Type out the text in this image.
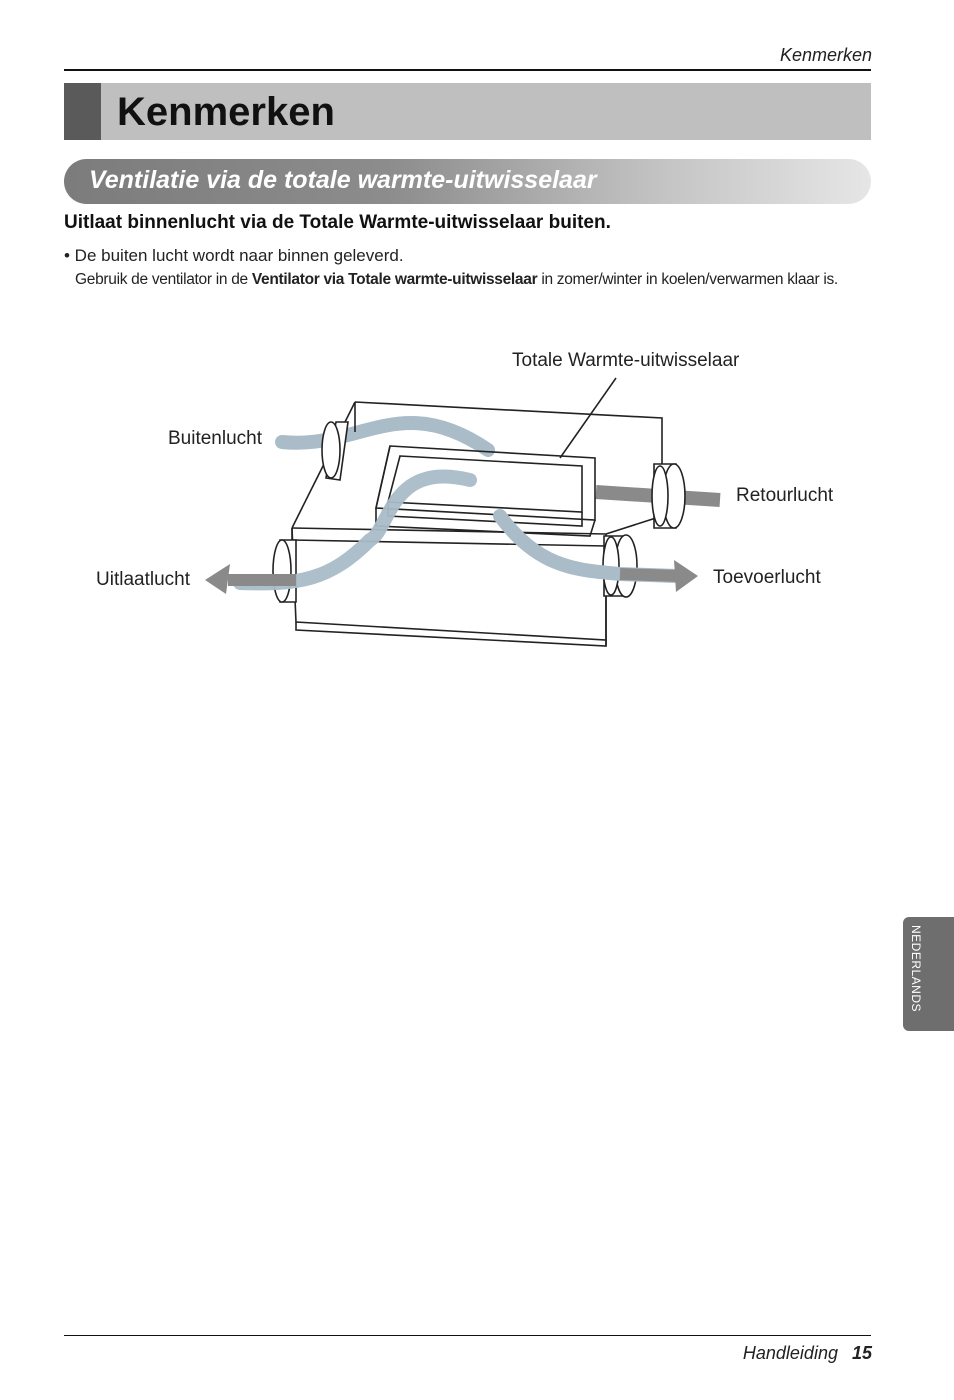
Kenmerken
Kenmerken
Ventilatie via de totale warmte-uitwisselaar
Uitlaat binnenlucht via de Totale Warmte-uitwisselaar buiten.
• De buiten lucht wordt naar binnen geleverd.
Gebruik de ventilator in de Ventilator via Totale warmte-uitwisselaar in zomer/winter in koelen/verwarmen klaar is.
Totale Warmte-uitwisselaar
Buitenlucht
Retourlucht
Uitlaatlucht	Toevoerlucht
NEDERLANDS
Handleiding 15
